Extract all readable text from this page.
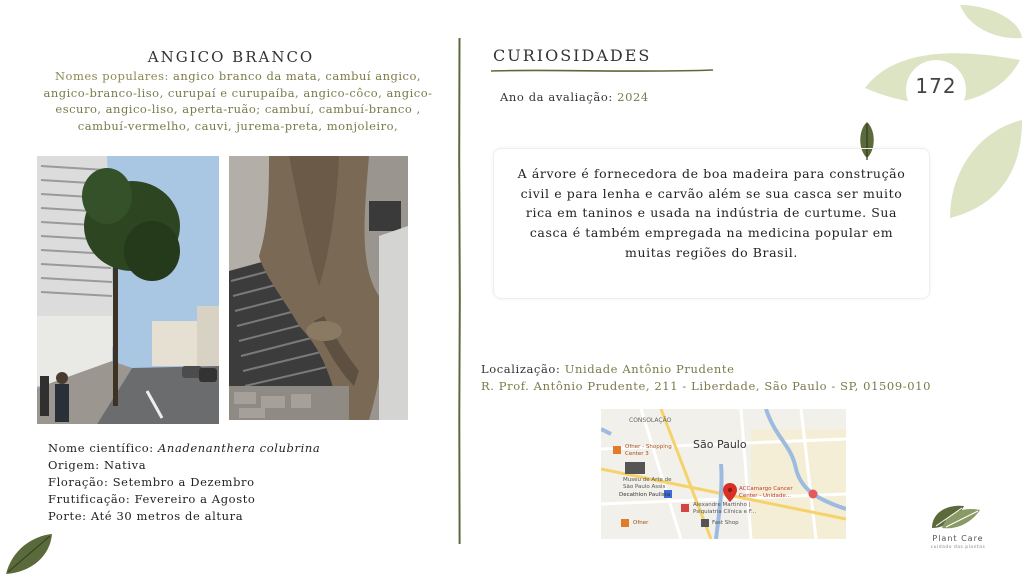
172
ANGICO BRANCO
Nomes populares: angico branco da mata, cambuí angico, angico-branco-liso, curupaí e curupaíba, angico-côco, angico-escuro, angico-liso, aperta-ruão; cambuí, cambuí-branco , cambuí-vermelho, cauvi, jurema-preta, monjoleiro,
Nome científico: Anadenanthera colubrina
Origem: Nativa
Floração: Setembro a Dezembro
Frutificação: Fevereiro a Agosto
Porte: Até 30 metros de altura
CURIOSIDADES
Ano da avaliação: 2024
A árvore é fornecedora de boa madeira para construção civil e para lenha e carvão além se sua casca ser muito rica em taninos e usada na indústria de curtume. Sua casca é também empregada na medicina popular em muitas regiões do Brasil.
Localização: Unidade Antônio Prudente
R. Prof. Antônio Prudente, 211 - Liberdade, São Paulo - SP, 01509-010
CONSOLAÇÃO
São Paulo
Ofner - Shopping
Center 3
Museu de Arte de
São Paulo Assis
Decathlon Paulista
ACCamargo Cancer
Center - Unidade...
Alexandre Martinho |
Psiquiatria Clínica e F...
Ofner	Fast Shop
Plant Care
cuidado das plantas
